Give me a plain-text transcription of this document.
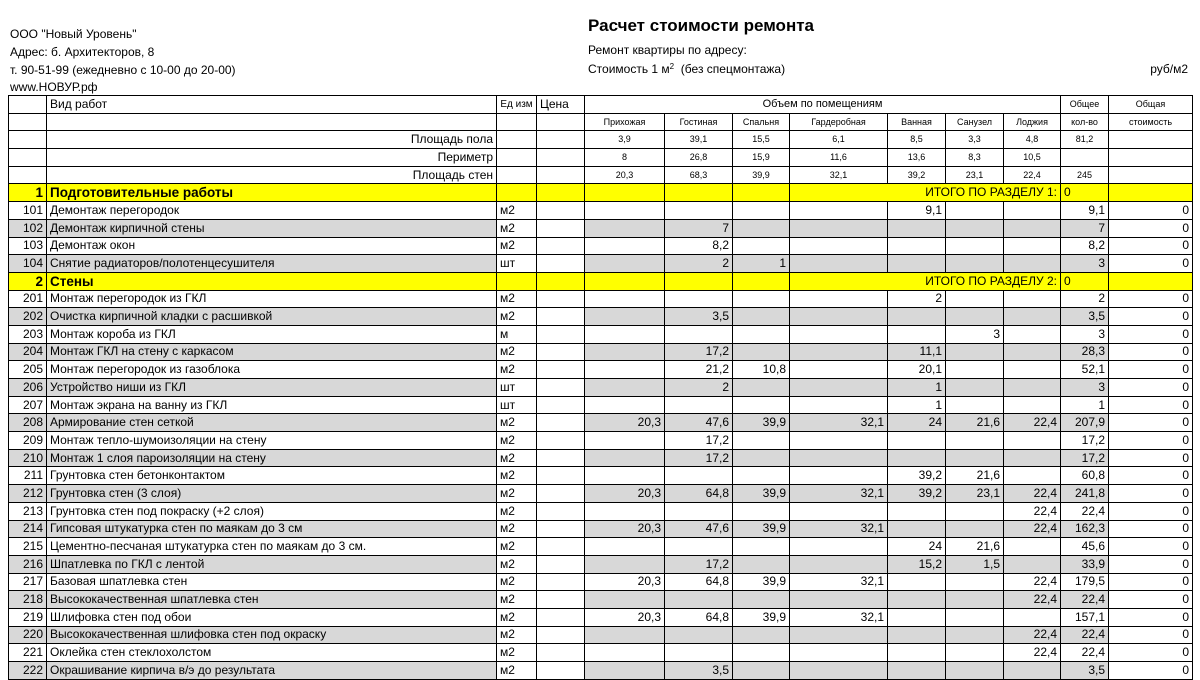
ООО "Новый Уровень"
Адрес: б. Архитекторов, 8
т. 90-51-99 (ежедневно с 10-00 до 20-00)
www.НОВУР.рф
Расчет стоимости ремонта
Ремонт квартиры по адресу:
Стоимость 1 $м^2$ (без спецмонтажа)	руб/м2
	Вид работ	Ед изм	Цена	Объем по помещениям							Общее	Общая
				Прихожая	Гостиная	Спальня	Гардеробная	Ванная	Санузел	Лоджия	кол-во	стоимость
	Площадь пола			3,9	39,1	15,5	6,1	8,5	3,3	4,8	81,2	
	Периметр			8	26,8	15,9	11,6	13,6	8,3	10,5		
	Площадь стен			20,3	68,3	39,9	32,1	39,2	23,1	22,4	245	
1	Подготовительные работы						ИТОГО ПО РАЗДЕЛУ 1:				0	
101	Демонтаж перегородок	м2						9,1			9,1	0
102	Демонтаж кирпичной стены	м2			7						7	0
103	Демонтаж окон	м2			8,2						8,2	0
104	Снятие радиаторов/полотенцесушителя	шт			2	1					3	0
2	Стены						ИТОГО ПО РАЗДЕЛУ 2:				0	
201	Монтаж перегородок из ГКЛ	м2						2			2	0
202	Очистка кирпичной кладки с расшивкой	м2			3,5						3,5	0
203	Монтаж короба из ГКЛ	м							3		3	0
204	Монтаж ГКЛ на стену с каркасом	м2			17,2			11,1			28,3	0
205	Монтаж перегородок из газоблока	м2			21,2	10,8		20,1			52,1	0
206	Устройство ниши из ГКЛ	шт			2			1			3	0
207	Монтаж экрана на ванну из ГКЛ	шт						1			1	0
208	Армирование стен сеткой	м2		20,3	47,6	39,9	32,1	24	21,6	22,4	207,9	0
209	Монтаж тепло-шумоизоляции на стену	м2			17,2						17,2	0
210	Монтаж 1 слоя пароизоляции на стену	м2			17,2						17,2	0
211	Грунтовка стен бетонконтактом	м2						39,2	21,6		60,8	0
212	Грунтовка стен (3 слоя)	м2		20,3	64,8	39,9	32,1	39,2	23,1	22,4	241,8	0
213	Грунтовка стен под покраску (+2 слоя)	м2								22,4	22,4	0
214	Гипсовая штукатурка стен по маякам до 3 см	м2		20,3	47,6	39,9	32,1			22,4	162,3	0
215	Цементно-песчаная штукатурка стен по маякам до 3 см.	м2						24	21,6		45,6	0
216	Шпатлевка по ГКЛ с лентой	м2			17,2			15,2	1,5		33,9	0
217	Базовая шпатлевка стен	м2		20,3	64,8	39,9	32,1			22,4	179,5	0
218	Высококачественная шпатлевка стен	м2								22,4	22,4	0
219	Шлифовка стен под обои	м2		20,3	64,8	39,9	32,1				157,1	0
220	Высококачественная шлифовка стен под окраску	м2								22,4	22,4	0
221	Оклейка стен стеклохолстом	м2								22,4	22,4	0
222	Окрашивание кирпича в/э до результата	м2			3,5						3,5	0
